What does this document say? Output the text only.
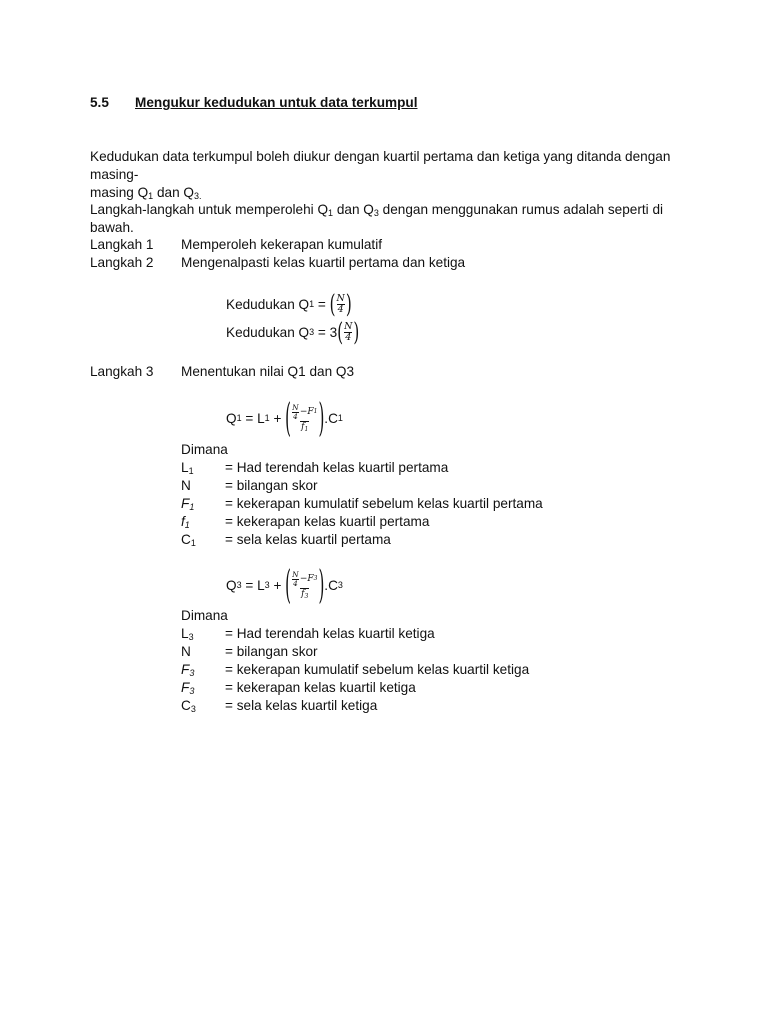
5.5 Mengukur kedudukan untuk data terkumpul
Kedudukan data terkumpul boleh diukur dengan kuartil pertama dan ketiga yang ditanda dengan masing-
masing $Q_1$ dan $Q_{3.}$
Langkah-langkah untuk memperolehi $Q_1$ dan $Q_3$ dengan menggunakan rumus adalah seperti di bawah.
Langkah 1 Memperoleh kekerapan kumulatif
Langkah 2 Mengenalpasti kelas kuartil pertama dan ketiga
Kedudukan Q 1 = ( $\frac{N}{4}$ )
Kedudukan Q 3 = 3 ( $\frac{N}{4}$ )
Langkah 3 Menentukan nilai Q1 dan Q3
Q 1 = L 1 + ( $\frac{\frac{N}{4} - F 1}{f_1}$ ) .C 1
Dimana
$L_1$ = Had terendah kelas kuartil pertama
N	= bilangan skor
$F_1$ = kekerapan kumulatif sebelum kelas kuartil pertama
$f_1$	= kekerapan kelas kuartil pertama
$C_1$ = sela kelas kuartil pertama
Q 3 = L 3 + ( $\frac{\frac{N}{4} - F 3}{f_3}$ ) .C 3
Dimana
$L_3$ = Had terendah kelas kuartil ketiga
N	= bilangan skor
$F_3$ = kekerapan kumulatif sebelum kelas kuartil ketiga
$F_3$ = kekerapan kelas kuartil ketiga
$C_3$ = sela kelas kuartil ketiga
